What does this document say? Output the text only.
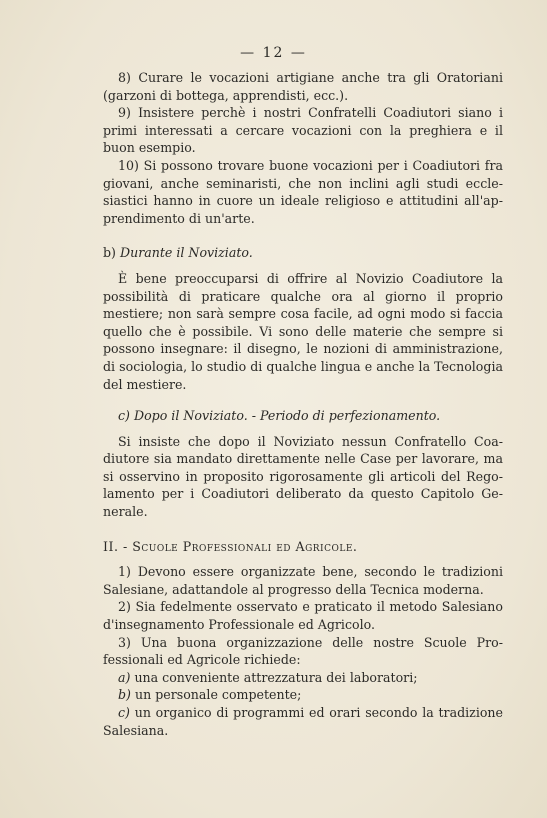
— 12 —

8) Curare le vocazioni artigiane anche tra gli Oratoriani (garzoni di bottega, apprendisti, ecc.).

9) Insistere perchè i nostri Confratelli Coadiutori siano i primi interessati a cercare vocazioni con la preghiera e il buon esempio.

10) Si possono trovare buone vocazioni per i Coadiutori fra giovani, anche seminaristi, che non inclini agli studi ecclesiastici hanno in cuore un ideale religioso e attitudini all'apprendimento di un'arte.

b) Durante il Noviziato.

È bene preoccuparsi di offrire al Novizio Coadiutore la possibilità di praticare qualche ora al giorno il proprio mestiere; non sarà sempre cosa facile, ad ogni modo si faccia quello che è possibile. Vi sono delle materie che sempre si possono insegnare: il disegno, le nozioni di amministrazione, di sociologia, lo studio di qualche lingua e anche la Tecnologia del mestiere.

c) Dopo il Noviziato. - Periodo di perfezionamento.

Si insiste che dopo il Noviziato nessun Confratello Coadiutore sia mandato direttamente nelle Case per lavorare, ma si osservino in proposito rigorosamente gli articoli del Regolamento per i Coadiutori deliberato da questo Capitolo Generale.

II. - Scuole Professionali ed Agricole.

1) Devono essere organizzate bene, secondo le tradizioni Salesiane, adattandole al progresso della Tecnica moderna.

2) Sia fedelmente osservato e praticato il metodo Salesiano d'insegnamento Professionale ed Agricolo.

3) Una buona organizzazione delle nostre Scuole Professionali ed Agricole richiede:

a) una conveniente attrezzatura dei laboratori;

b) un personale competente;

c) un organico di programmi ed orari secondo la tradizione Salesiana.
